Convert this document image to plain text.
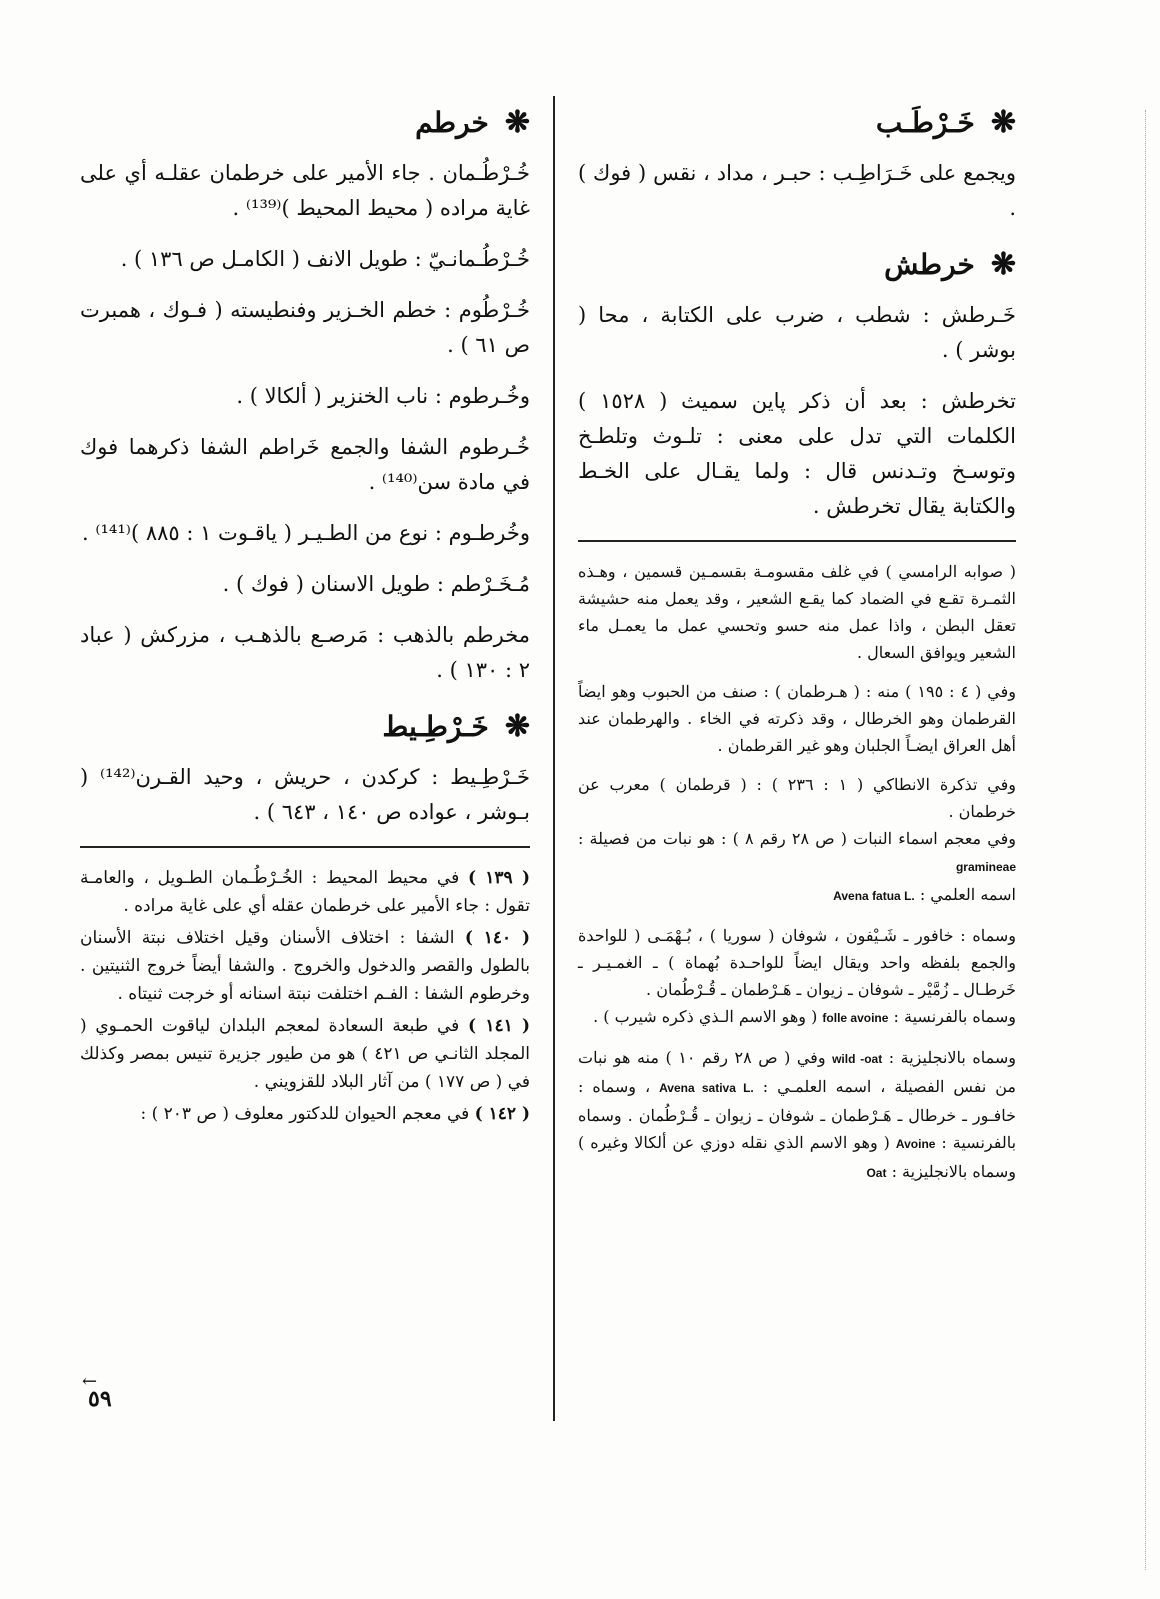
❋خَـرْطَـب

ويجمع على خَـرَاطِـب : حبـر ، مداد ، نقس ( فوك ) .

❋خرطش

خَـرطش : شطب ، ضرب على الكتابة ، محا ( بوشر ) .

تخرطش : بعد أن ذكر پاين سميث ( ١٥٢٨ ) الكلمات التي تدل على معنى : تلـوث وتلطـخ وتوسـخ وتـدنس قال : ولما يقـال على الخـط والكتابة يقال تخرطش .

( صوابه الرامسي ) في غلف مقسومـة بقسمـين قسمين ، وهـذه الثمـرة تقـع في الضماد كما يقـع الشعير ، وقد يعمل منه حشيشة تعقل البطن ، واذا عمل منه حسو وتحسي عمل ما يعمـل ماء الشعير ويوافق السعال .

وفي ( ٤ : ١٩٥ ) منه : ( هـرطمان ) : صنف من الحبوب وهو ايضاً القرطمان وهو الخرطال ، وقد ذكرته في الخاء . والهرطمان عند أهل العراق ايضـاً الجلبان وهو غير القرطمان .

وفي تذكرة الانطاكي ( ١ : ٢٣٦ ) : ( قرطمان ) معرب عن خرطمان .
وفي معجم اسماء النبات ( ص ٢٨ رقم ٨ ) : هو نبات من فصيلة : gramineae
اسمه العلمي : Avena fatua L.

وسماه : خافور ـ شَـيْفون ، شوفان ( سوريا ) ، بُـهْمَـى ( للواحدة والجمع بلفظه واحد ويقال ايضاً للواحـدة بُهماة ) ـ الغمـيـر ـ خَرطـال ـ زُمَّيْر ـ شوفان ـ زيوان ـ هَـرْطمان ـ قُـرْطُمان .
وسماه بالفرنسية : folle avoine ( وهو الاسم الـذي ذكره شيرب ) .

وسماه بالانجليزية : wild -oat وفي ( ص ٢٨ رقم ١٠ ) منه هو نبات من نفس الفصيلة ، اسمه العلمـي : Avena sativa L. ، وسماه : خافـور ـ خرطال ـ هَـرْطمان ـ شوفان ـ زيوان ـ قُـرْطُمان . وسماه بالفرنسية : Avoine ( وهو الاسم الذي نقله دوزي عن ألكالا وغيره ) وسماه بالانجليزية : Oat

❋خرطم

خُـرْطُـمان . جاء الأمير على خرطمان عقلـه أي على غاية مراده ( محيط المحيط )⁽¹³⁹⁾ .

خُـرْطُـمانـيّ : طويل الانف ( الكامـل ص ١٣٦ ) .

خُـرْطُوم : خطم الخـزير وفنطيسته ( فـوك ، همبرت ص ٦١ ) .

وخُـرطوم : ناب الخنزير ( ألكالا ) .

خُـرطوم الشفا والجمع خَراطم الشفا ذكرهما فوك في مادة سن⁽¹⁴⁰⁾ .

وخُرطـوم : نوع من الطـيـر ( ياقـوت ١ : ٨٨٥ )⁽¹⁴¹⁾ .

مُـخَـرْطم : طويل الاسنان ( فوك ) .

مخرطم بالذهب : مَرصـع بالذهـب ، مزركش ( عباد ٢ : ١٣٠ ) .

❋خَـرْطِـيط

خَـرْطِـيط : كركدن ، حريش ، وحيد القـرن⁽¹⁴²⁾ ( بـوشر ، عواده ص ١٤٠ ، ٦٤٣ ) .

( ١٣٩ ) في محيط المحيط : الخُـرْطُـمان الطـويل ، والعامـة تقول : جاء الأمير على خرطمان عقله أي على غاية مراده .

( ١٤٠ ) الشفا : اختلاف الأسنان وقيل اختلاف نبتة الأسنان بالطول والقصر والدخول والخروج . والشفا أيضاً خروج الثنيتين . وخرطوم الشفا : الفـم اختلفت نبتة اسنانه أو خرجت ثنيتاه .

( ١٤١ ) في طبعة السعادة لمعجم البلدان لياقوت الحمـوي ( المجلد الثانـي ص ٤٢١ ) هو من طيور جزيرة تنيس بمصر وكذلك في ( ص ١٧٧ ) من آثار البلاد للقزويني .

( ١٤٢ ) في معجم الحيوان للدكتور معلوف ( ص ٢٠٣ ) :

←
٥٩
